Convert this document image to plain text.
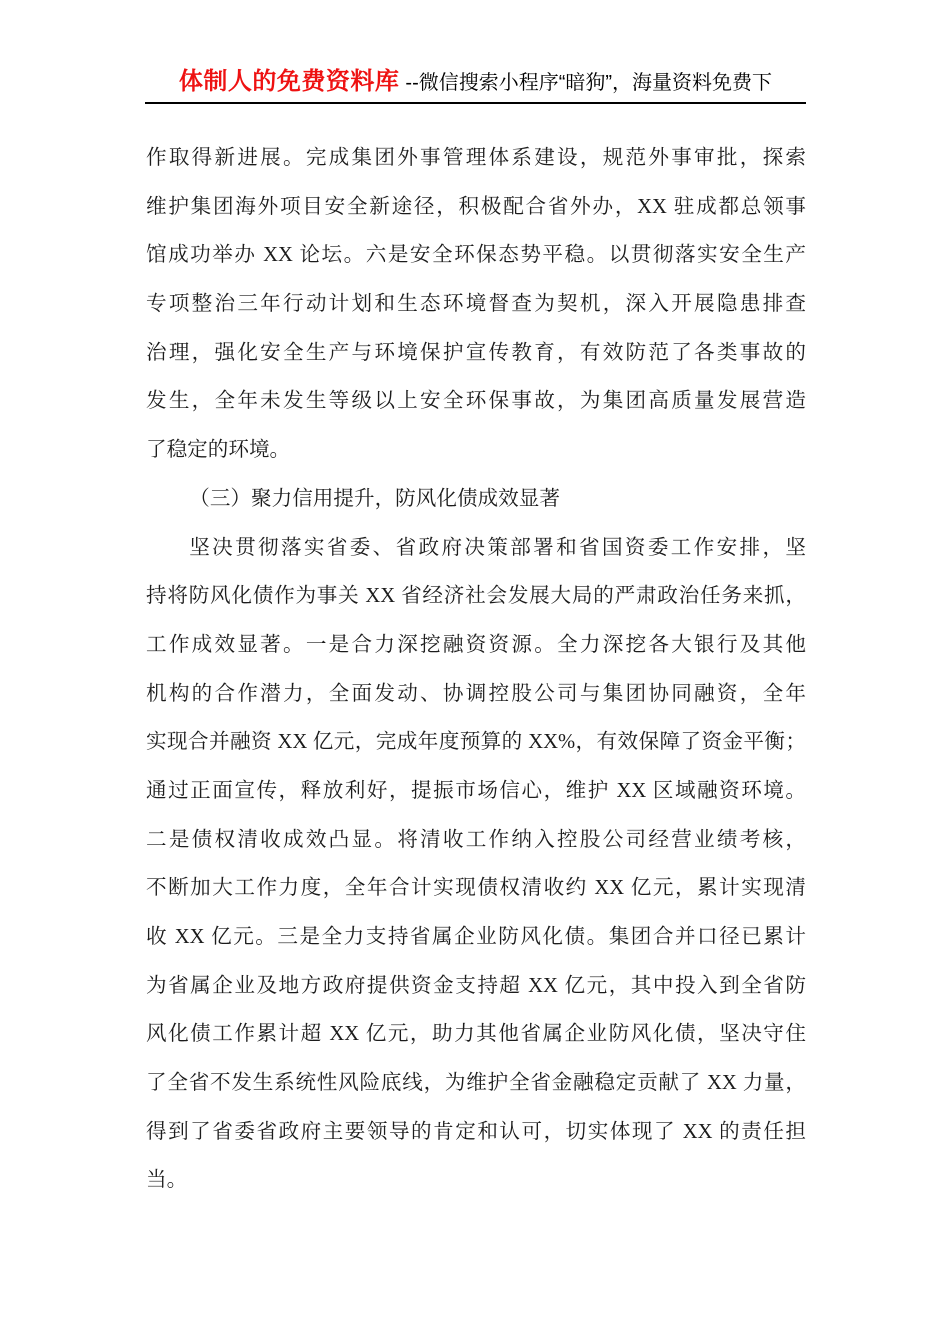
体制人的免费资料库 --微信搜索小程序“暗狗”，海量资料免费下
作取得新进展。完成集团外事管理体系建设，规范外事审批，探索
维护集团海外项目安全新途径，积极配合省外办，XX 驻成都总领事
馆成功举办 XX 论坛。六是安全环保态势平稳。以贯彻落实安全生产
专项整治三年行动计划和生态环境督查为契机，深入开展隐患排查
治理，强化安全生产与环境保护宣传教育，有效防范了各类事故的
发生，全年未发生等级以上安全环保事故，为集团高质量发展营造
了稳定的环境。
（三）聚力信用提升，防风化债成效显著
坚决贯彻落实省委、省政府决策部署和省国资委工作安排，坚
持将防风化债作为事关 XX 省经济社会发展大局的严肃政治任务来抓，
工作成效显著。一是合力深挖融资资源。全力深挖各大银行及其他
机构的合作潜力，全面发动、协调控股公司与集团协同融资，全年
实现合并融资 XX 亿元，完成年度预算的 XX%，有效保障了资金平衡；
通过正面宣传，释放利好，提振市场信心，维护 XX 区域融资环境。
二是债权清收成效凸显。将清收工作纳入控股公司经营业绩考核，
不断加大工作力度，全年合计实现债权清收约 XX 亿元，累计实现清
收 XX 亿元。三是全力支持省属企业防风化债。集团合并口径已累计
为省属企业及地方政府提供资金支持超 XX 亿元，其中投入到全省防
风化债工作累计超 XX 亿元，助力其他省属企业防风化债，坚决守住
了全省不发生系统性风险底线，为维护全省金融稳定贡献了 XX 力量，
得到了省委省政府主要领导的肯定和认可，切实体现了 XX 的责任担
当。
